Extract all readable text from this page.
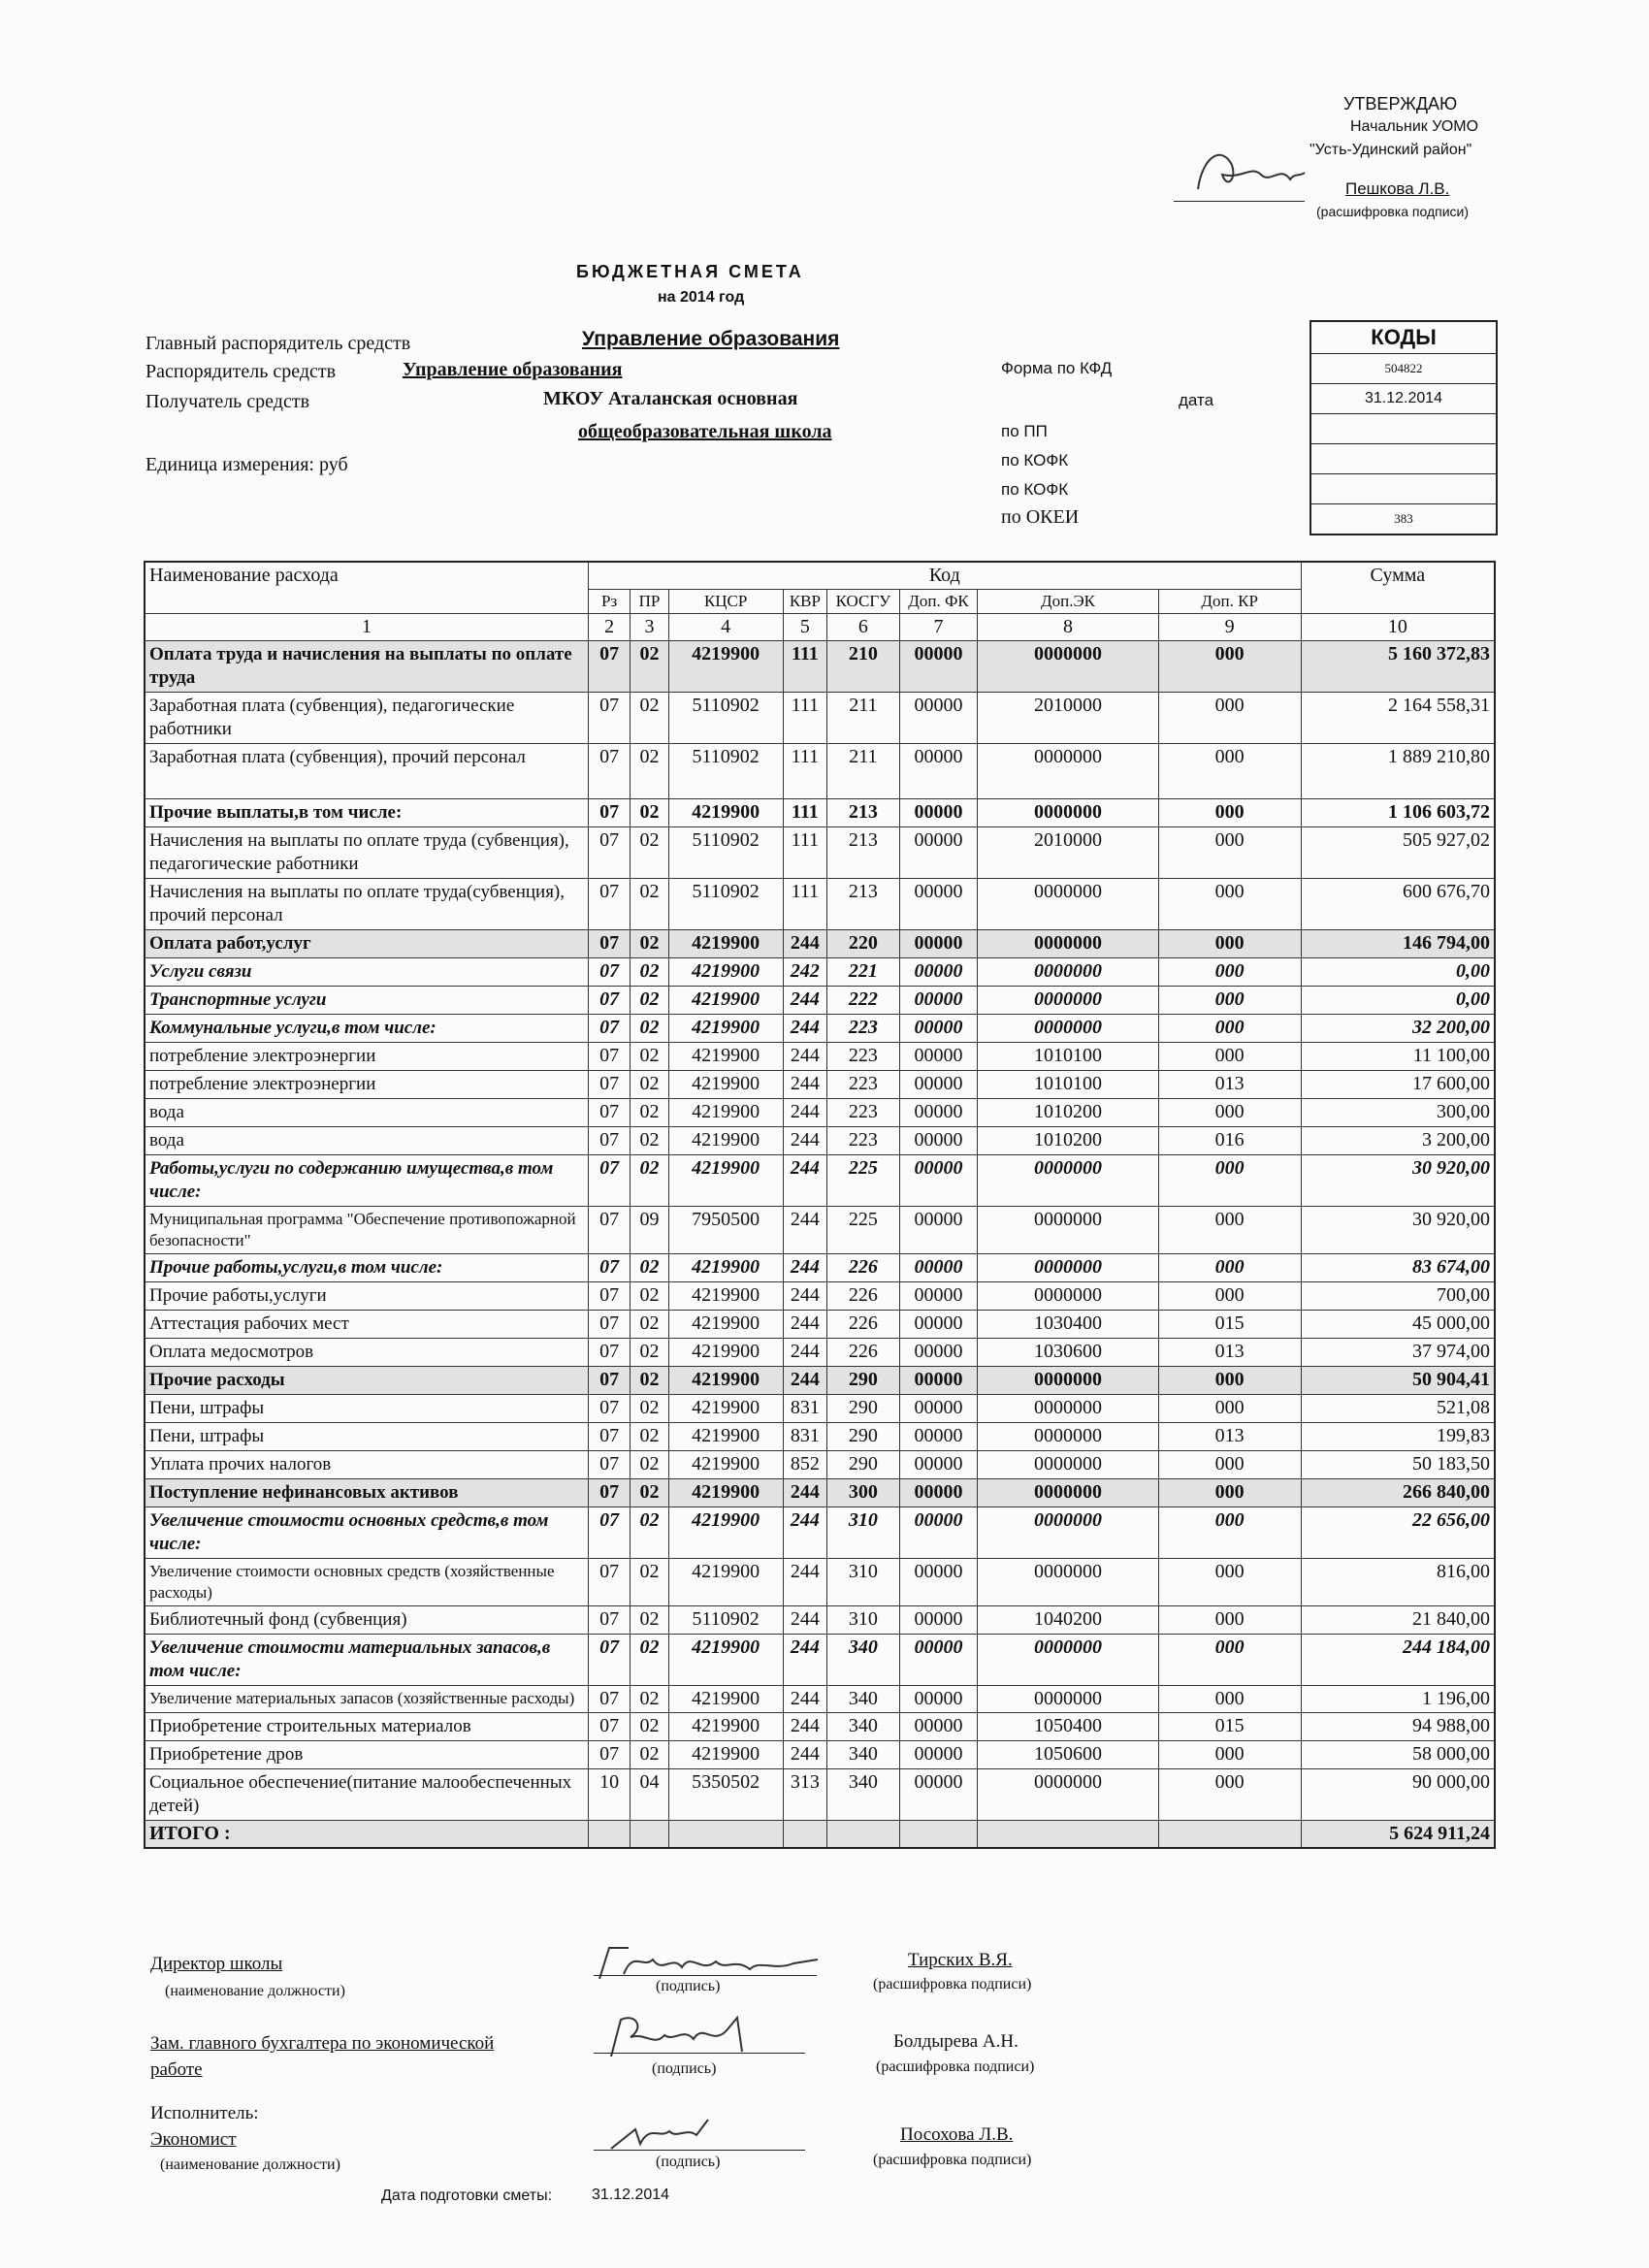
УТВЕРЖДАЮ
Начальник УОМО
"Усть-Удинский район"
Пешкова Л.В.
(расшифровка подписи)
БЮДЖЕТНАЯ СМЕТА
на 2014 год
Главный распорядитель средств	Управление образования
Распорядитель средств	Управление образования
Получатель средств	МКОУ Аталанская основная
общеобразовательная школа
Единица измерения: руб
Форма по КФД
дата
по ПП
по КОФК
по КОФК
по ОКЕИ
КОДЫ
504822
31.12.2014
383
Наименование расхода	Код								Сумма
	Рз	ПР	КЦСР	КВР	КОСГУ	Доп. ФК	Доп.ЭК	Доп. КР	
1	2	3	4	5	6	7	8	9	10
Оплата труда и начисления на выплаты по оплате труда	07	02	4219900	111	210	00000	0000000	000	5 160 372,83
Заработная плата (субвенция), педагогические работники	07	02	5110902	111	211	00000	2010000	000	2 164 558,31
Заработная плата (субвенция), прочий персонал	07	02	5110902	111	211	00000	0000000	000	1 889 210,80
Прочие выплаты,в том числе:	07	02	4219900	111	213	00000	0000000	000	1 106 603,72
Начисления на выплаты по оплате труда (субвенция), педагогические работники	07	02	5110902	111	213	00000	2010000	000	505 927,02
Начисления на выплаты по оплате труда(субвенция), прочий персонал	07	02	5110902	111	213	00000	0000000	000	600 676,70
Оплата работ,услуг	07	02	4219900	244	220	00000	0000000	000	146 794,00
Услуги связи	07	02	4219900	242	221	00000	0000000	000	0,00
Транспортные услуги	07	02	4219900	244	222	00000	0000000	000	0,00
Коммунальные услуги,в том числе:	07	02	4219900	244	223	00000	0000000	000	32 200,00
потребление электроэнергии	07	02	4219900	244	223	00000	1010100	000	11 100,00
потребление электроэнергии	07	02	4219900	244	223	00000	1010100	013	17 600,00
вода	07	02	4219900	244	223	00000	1010200	000	300,00
вода	07	02	4219900	244	223	00000	1010200	016	3 200,00
Работы,услуги по содержанию имущества,в том числе:	07	02	4219900	244	225	00000	0000000	000	30 920,00
Муниципальная программа "Обеспечение противопожарной безопасности"	07	09	7950500	244	225	00000	0000000	000	30 920,00
Прочие работы,услуги,в том числе:	07	02	4219900	244	226	00000	0000000	000	83 674,00
Прочие работы,услуги	07	02	4219900	244	226	00000	0000000	000	700,00
Аттестация рабочих мест	07	02	4219900	244	226	00000	1030400	015	45 000,00
Оплата медосмотров	07	02	4219900	244	226	00000	1030600	013	37 974,00
Прочие расходы	07	02	4219900	244	290	00000	0000000	000	50 904,41
Пени, штрафы	07	02	4219900	831	290	00000	0000000	000	521,08
Пени, штрафы	07	02	4219900	831	290	00000	0000000	013	199,83
Уплата прочих налогов	07	02	4219900	852	290	00000	0000000	000	50 183,50
Поступление нефинансовых активов	07	02	4219900	244	300	00000	0000000	000	266 840,00
Увеличение стоимости основных средств,в том числе:	07	02	4219900	244	310	00000	0000000	000	22 656,00
Увеличение стоимости основных средств (хозяйственные расходы)	07	02	4219900	244	310	00000	0000000	000	816,00
Библиотечный фонд (субвенция)	07	02	5110902	244	310	00000	1040200	000	21 840,00
Увеличение стоимости материальных запасов,в том числе:	07	02	4219900	244	340	00000	0000000	000	244 184,00
Увеличение материальных запасов (хозяйственные расходы)	07	02	4219900	244	340	00000	0000000	000	1 196,00
Приобретение строительных материалов	07	02	4219900	244	340	00000	1050400	015	94 988,00
Приобретение дров	07	02	4219900	244	340	00000	1050600	000	58 000,00
Социальное обеспечение(питание малообеспеченных детей)	10	04	5350502	313	340	00000	0000000	000	90 000,00
ИТОГО :									5 624 911,24
Директор школы
(наименование должности)	(подпись)
Тирских В.Я.
(расшифровка подписи)
Зам. главного бухгалтера по экономической
работе	(подпись)
Болдырева А.Н.
(расшифровка подписи)
Исполнитель:
Экономист
(наименование должности)	(подпись)
Посохова Л.В.
(расшифровка подписи)
Дата подготовки сметы:	31.12.2014
